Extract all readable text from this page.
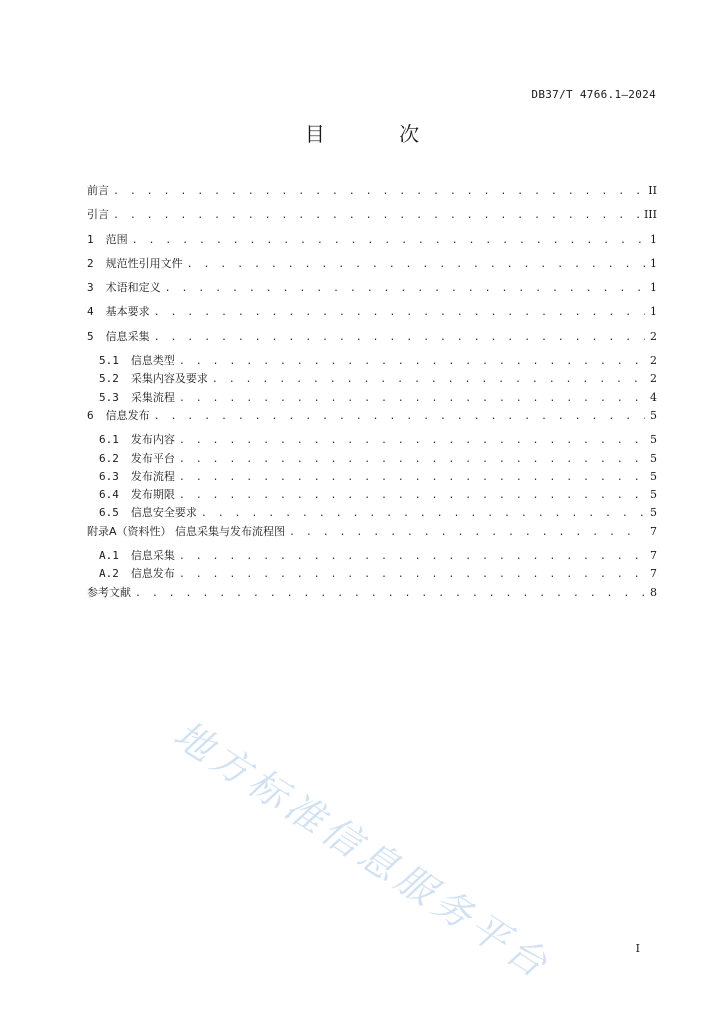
DB37/T 4766.1—2024
目 次
前言 . . .	II
引言 . . .	III
1 范围 . . .	1
2 规范性引用文件 . . .	1
3 术语和定义 . . .	1
4 基本要求 . . .	1
5 信息采集 . . .	2
5.1 信息类型 . . .	2
5.2 采集内容及要求 . . .	2
5.3 采集流程 . . .	4
6 信息发布 . . .	5
6.1 发布内容 . . .	5
6.2 发布平台 . . .	5
6.3 发布流程 . . .	5
6.4 发布期限 . . .	5
6.5 信息安全要求 . . .	5
附录A（资料性） 信息采集与发布流程图 . . .	7
A.1 信息采集 . . .	7
A.2 信息发布 . . .	7
参考文献 . . .	8
地方标准信息服务平台	I
